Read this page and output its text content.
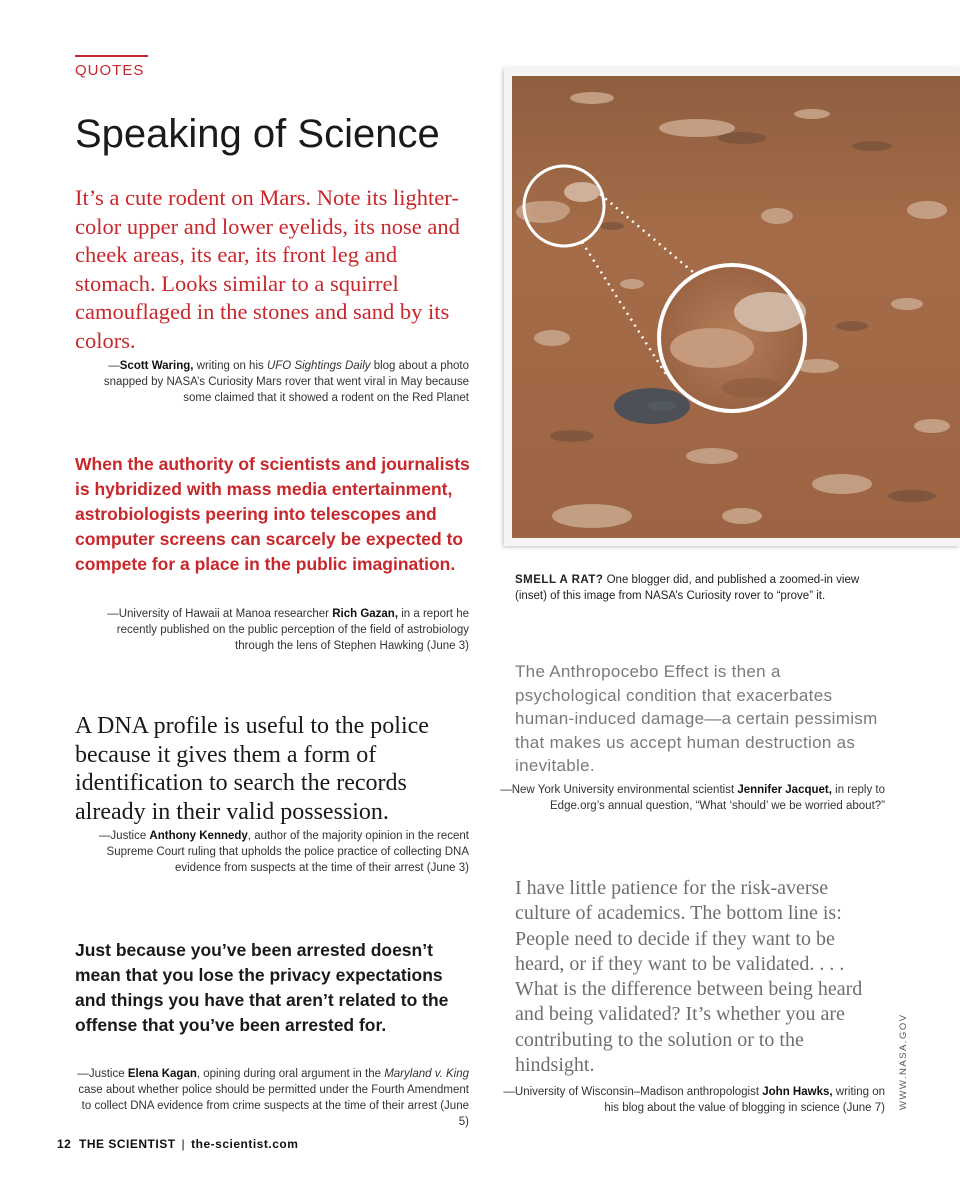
QUOTES
Speaking of Science

It’s a cute rodent on Mars. Note its lighter-color upper and lower eyelids, its nose and cheek areas, its ear, its front leg and stomach. Looks similar to a squirrel camouflaged in the stones and sand by its colors.

—Scott Waring, writing on his UFO Sightings Daily blog about a photo snapped by NASA’s Curiosity Mars rover that went viral in May because some claimed that it showed a rodent on the Red Planet

When the authority of scientists and journalists is hybridized with mass media entertainment, astrobiologists peering into telescopes and computer screens can scarcely be expected to compete for a place in the public imagination.

—University of Hawaii at Manoa researcher Rich Gazan, in a report he recently published on the public perception of the field of astrobiology through the lens of Stephen Hawking (June 3)

A DNA profile is useful to the police because it gives them a form of identification to search the records already in their valid possession.

—Justice Anthony Kennedy, author of the majority opinion in the recent Supreme Court ruling that upholds the police practice of collecting DNA evidence from suspects at the time of their arrest (June 3)

Just because you’ve been arrested doesn’t mean that you lose the privacy expectations and things you have that aren’t related to the offense that you’ve been arrested for.

—Justice Elena Kagan, opining during oral argument in the Maryland v. King case about whether police should be permitted under the Fourth Amendment to collect DNA evidence from crime suspects at the time of their arrest (June 5)
SMELL A RAT? One blogger did, and published a zoomed-in view (inset) of this image from NASA’s Curiosity rover to “prove” it.

The Anthropocebo Effect is then a psychological condition that exacerbates human-induced damage—a certain pessimism that makes us accept human destruction as inevitable.

—New York University environmental scientist Jennifer Jacquet, in reply to Edge.org’s annual question, “What ‘should’ we be worried about?”

I have little patience for the risk-averse culture of academics. The bottom line is: People need to decide if they want to be heard, or if they want to be validated. . . . What is the difference between being heard and being validated? It’s whether you are contributing to the solution or to the hindsight.

—University of Wisconsin–Madison anthropologist John Hawks, writing on his blog about the value of blogging in science (June 7) WWW.NASA.GOV
12 THE SCIENTIST | the-scientist.com
